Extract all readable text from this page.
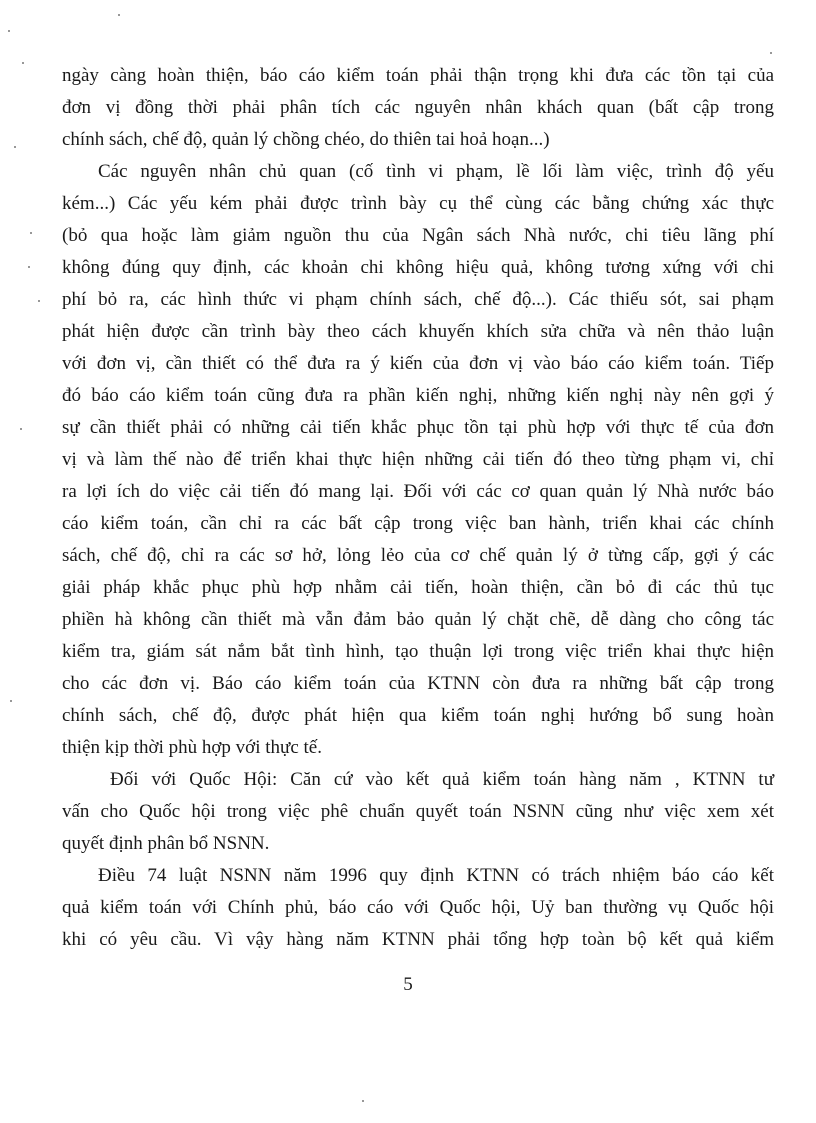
ngày càng hoàn thiện, báo cáo kiểm toán phải thận trọng khi đưa các tồn tại của
đơn vị đồng thời phải phân tích các nguyên nhân khách quan (bất cập trong
chính sách, chế độ, quản lý chồng chéo, do thiên tai hoả hoạn...)
Các nguyên nhân chủ quan (cố tình vi phạm, lề lối làm việc, trình độ yếu
kém...) Các yếu kém phải được trình bày cụ thể cùng các bằng chứng xác thực
(bỏ qua hoặc làm giảm nguồn thu của Ngân sách Nhà nước, chi tiêu lãng phí
không đúng quy định, các khoản chi không hiệu quả, không tương xứng với chi
phí bỏ ra, các hình thức vi phạm chính sách, chế độ...). Các thiếu sót, sai phạm
phát hiện được cần trình bày theo cách khuyến khích sửa chữa và nên thảo luận
với đơn vị, cần thiết có thể đưa ra ý kiến của đơn vị vào báo cáo kiểm toán. Tiếp
đó báo cáo kiểm toán cũng đưa ra phần kiến nghị, những kiến nghị này nên gợi ý
sự cần thiết phải có những cải tiến khắc phục tồn tại phù hợp với thực tế của đơn
vị và làm thế nào để triển khai thực hiện những cải tiến đó theo từng phạm vi, chỉ
ra lợi ích do việc cải tiến đó mang lại. Đối với các cơ quan quản lý Nhà nước báo
cáo kiểm toán, cần chỉ ra các bất cập trong việc ban hành, triển khai các chính
sách, chế độ, chỉ ra các sơ hở, lỏng lẻo của cơ chế quản lý ở từng cấp, gợi ý các
giải pháp khắc phục phù hợp nhằm cải tiến, hoàn thiện, cần bỏ đi các thủ tục
phiền hà không cần thiết mà vẫn đảm bảo quản lý chặt chẽ, dễ dàng cho công tác
kiểm tra, giám sát nắm bắt tình hình, tạo thuận lợi trong việc triển khai thực hiện
cho các đơn vị. Báo cáo kiểm toán của KTNN còn đưa ra những bất cập trong
chính sách, chế độ, được phát hiện qua kiểm toán nghị hướng bổ sung hoàn
thiện kịp thời phù hợp với thực tế.
Đối với Quốc Hội: Căn cứ vào kết quả kiểm toán hàng năm , KTNN tư
vấn cho Quốc hội trong việc phê chuẩn quyết toán NSNN cũng như việc xem xét
quyết định phân bổ NSNN.
Điều 74 luật NSNN năm 1996 quy định KTNN có trách nhiệm báo cáo kết
quả kiểm toán với Chính phủ, báo cáo với Quốc hội, Uỷ ban thường vụ Quốc hội
khi có yêu cầu. Vì vậy hàng năm KTNN phải tổng hợp toàn bộ kết quả kiểm
5
